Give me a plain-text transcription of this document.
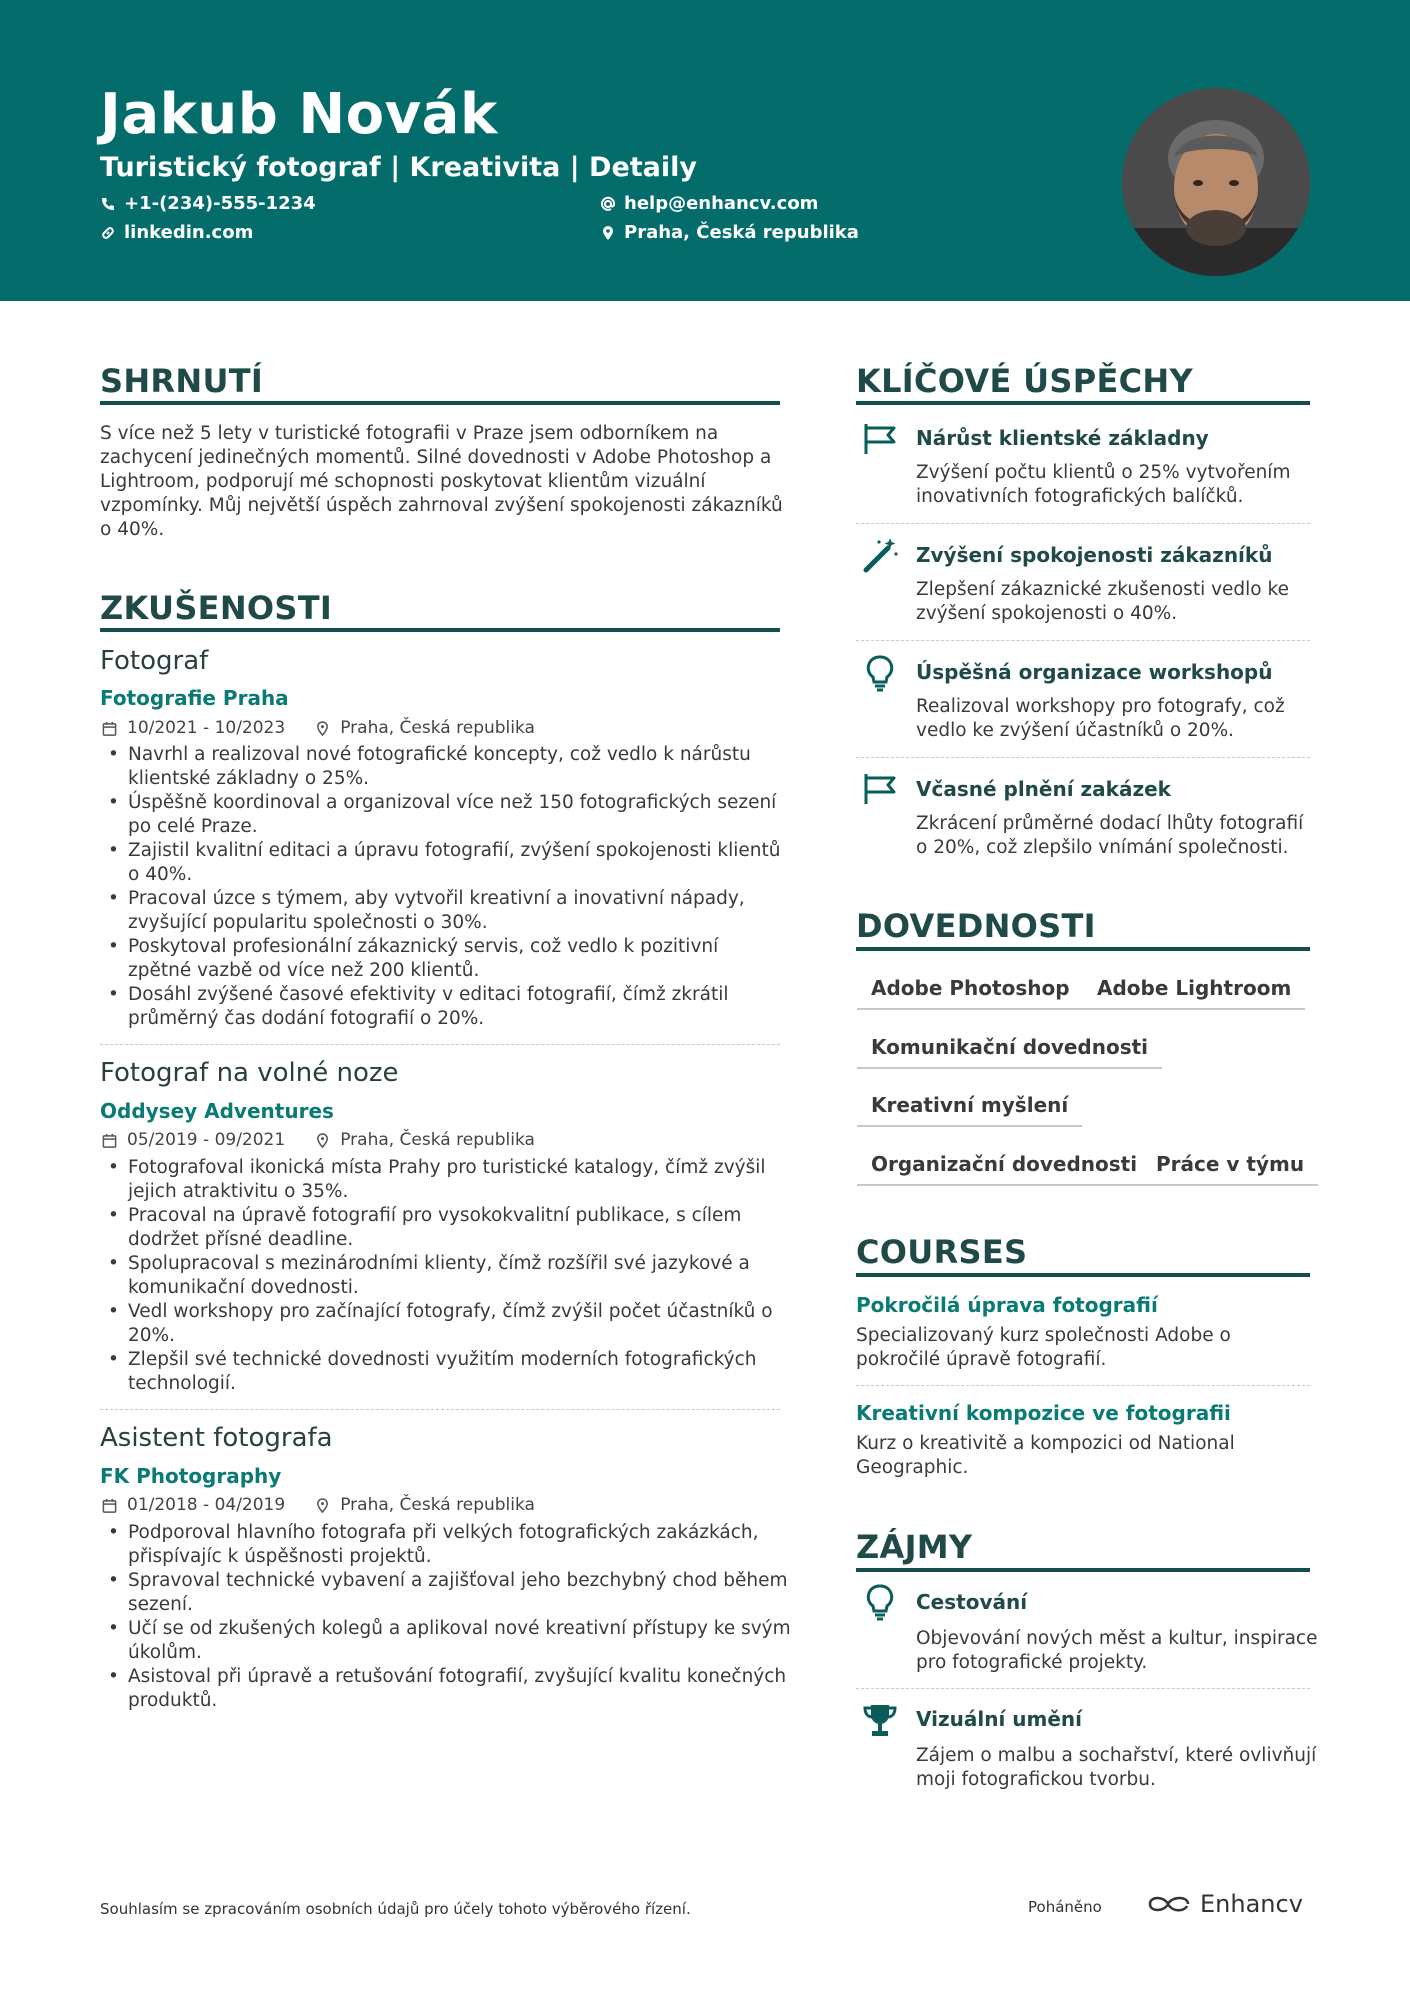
Jakub Novák
Turistický fotograf | Kreativita | Detaily
+1-(234)-555-1234	help@enhancv.com
linkedin.com	Praha, Česká republika
SHRNUTÍ
S více než 5 lety v turistické fotografii v Praze jsem odborníkem na
zachycení jedinečných momentů. Silné dovednosti v Adobe Photoshop a
Lightroom, podporují mé schopnosti poskytovat klientům vizuální
vzpomínky. Můj největší úspěch zahrnoval zvýšení spokojenosti zákazníků
o 40%.
ZKUŠENOSTI
Fotograf
Fotografie Praha
10/2021 - 10/2023	Praha, Česká republika
• Navrhl a realizoval nové fotografické koncepty, což vedlo k nárůstu
klientské základny o 25%.
• Úspěšně koordinoval a organizoval více než 150 fotografických sezení
po celé Praze.
• Zajistil kvalitní editaci a úpravu fotografií, zvýšení spokojenosti klientů
o 40%.
• Pracoval úzce s týmem, aby vytvořil kreativní a inovativní nápady,
zvyšující popularitu společnosti o 30%.
• Poskytoval profesionální zákaznický servis, což vedlo k pozitivní
zpětné vazbě od více než 200 klientů.
• Dosáhl zvýšené časové efektivity v editaci fotografií, čímž zkrátil
průměrný čas dodání fotografií o 20%.
Fotograf na volné noze
Oddysey Adventures
05/2019 - 09/2021	Praha, Česká republika
• Fotografoval ikonická místa Prahy pro turistické katalogy, čímž zvýšil
jejich atraktivitu o 35%.
• Pracoval na úpravě fotografií pro vysokokvalitní publikace, s cílem
dodržet přísné deadline.
• Spolupracoval s mezinárodními klienty, čímž rozšířil své jazykové a
komunikační dovednosti.
• Vedl workshopy pro začínající fotografy, čímž zvýšil počet účastníků o
20%.
• Zlepšil své technické dovednosti využitím moderních fotografických
technologií.
Asistent fotografa
FK Photography
01/2018 - 04/2019	Praha, Česká republika
• Podporoval hlavního fotografa při velkých fotografických zakázkách,
přispívajíc k úspěšnosti projektů.
• Spravoval technické vybavení a zajišťoval jeho bezchybný chod během
sezení.
• Učí se od zkušených kolegů a aplikoval nové kreativní přístupy ke svým
úkolům.
• Asistoval při úpravě a retušování fotografií, zvyšující kvalitu konečných
produktů.
KLÍČOVÉ ÚSPĚCHY
Nárůst klientské základny
Zvýšení počtu klientů o 25% vytvořením
inovativních fotografických balíčků.
Zvýšení spokojenosti zákazníků
Zlepšení zákaznické zkušenosti vedlo ke
zvýšení spokojenosti o 40%.
Úspěšná organizace workshopů
Realizoval workshopy pro fotografy, což
vedlo ke zvýšení účastníků o 20%.
Včasné plnění zakázek
Zkrácení průměrné dodací lhůty fotografií
o 20%, což zlepšilo vnímání společnosti.
DOVEDNOSTI
Adobe Photoshop	Adobe Lightroom
Komunikační dovednosti
Kreativní myšlení
Organizační dovednosti Práce v týmu
COURSES
Pokročilá úprava fotografií
Specializovaný kurz společnosti Adobe o
pokročilé úpravě fotografií.
Kreativní kompozice ve fotografii
Kurz o kreativitě a kompozici od National
Geographic.
ZÁJMY
Cestování
Objevování nových měst a kultur, inspirace
pro fotografické projekty.
Vizuální umění
Zájem o malbu a sochařství, které ovlivňují
moji fotografickou tvorbu.
Souhlasím se zpracováním osobních údajů pro účely tohoto výběrového řízení.	Poháněno	Enhancv
